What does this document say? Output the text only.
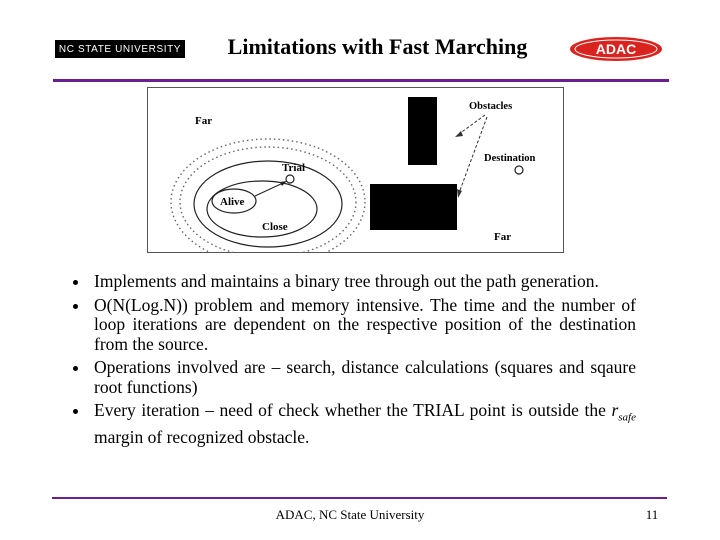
NC STATE UNIVERSITY	Limitations with Fast Marching	ADAC
Far
Trial
Alive
Close
Obstacles
Destination
Far
Implements and maintains a binary tree through out the path generation.
O(N(Log.N)) problem and memory intensive. The time and the number of loop iterations are dependent on the respective position of the destination from the source.
Operations involved are – search, distance calculations (squares and sqaure root functions)
Every iteration – need of check whether the TRIAL point is outside the $r_{safe}$ margin of recognized obstacle.
ADAC, NC State University	11
